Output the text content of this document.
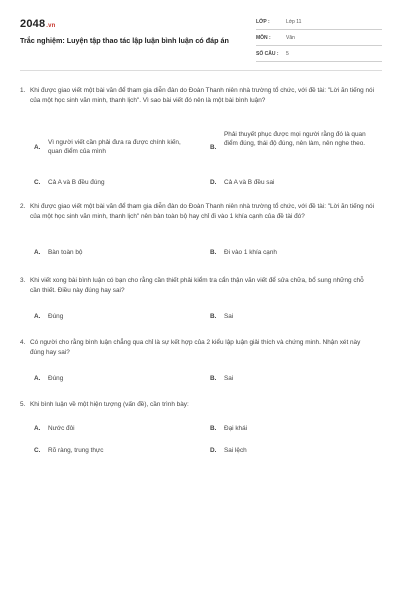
2048.vn
Trắc nghiệm: Luyện tập thao tác lập luận bình luận có đáp án
LỚP :	Lớp 11
MÔN :	Văn
SỐ CÂU : 5
1. Khi được giao viết một bài văn để tham gia diễn đàn do Đoàn Thanh niên nhà trường tổ chức, với đề tài: "Lời ăn tiếng nói của một học sinh văn minh, thanh lịch". Vì sao bài viết đó nên là một bài bình luận?
A.
Vì người viết cần phải đưa ra được chính kiến, quan điểm của mình
B.
Phải thuyết phục được mọi người rằng đó là quan điểm đúng, thái độ đúng, nên làm, nên nghe theo.
C. Cả A và B đều đúng	D. Cả A và B đều sai
2. Khi được giao viết một bài văn để tham gia diễn đàn do Đoàn Thanh niên nhà trường tổ chức, với đề tài: "Lời ăn tiếng nói của một học sinh văn minh, thanh lịch" nên bàn toàn bộ hay chỉ đi vào 1 khía cạnh của đề tài đó?
A. Bàn toàn bộ	B. Đi vào 1 khía cạnh
3. Khi viết xong bài bình luận có bạn cho rằng cần thiết phải kiểm tra cẩn thận văn viết để sửa chữa, bổ sung những chỗ cần thiết. Điều này đúng hay sai?
A. Đúng	B. Sai
4. Có người cho rằng bình luận chẳng qua chỉ là sự kết hợp của 2 kiểu lập luận giải thích và chứng minh. Nhận xét này đúng hay sai?
A. Đúng	B. Sai
5. Khi bình luận về một hiện tượng (vấn đề), cần trình bày:
A. Nước đôi	B. Đại khái
C. Rõ ràng, trung thực	D. Sai lệch
